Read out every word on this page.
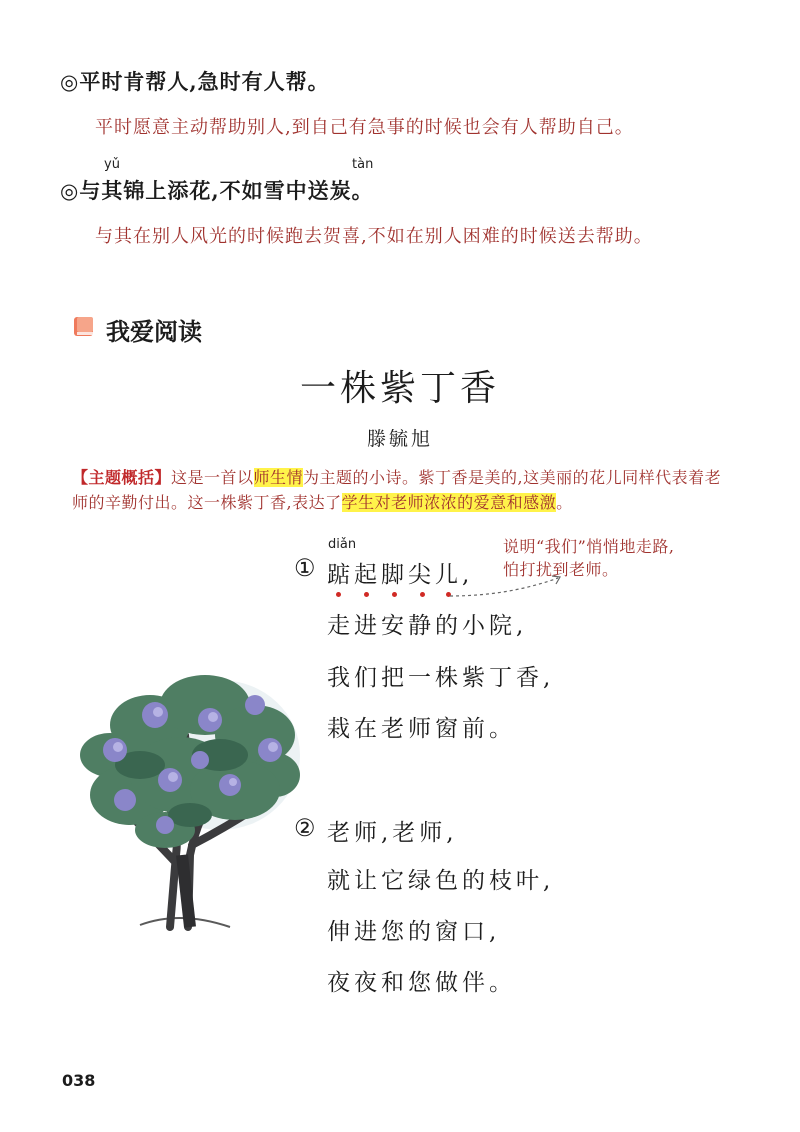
◎平时肯帮人,急时有人帮。
平时愿意主动帮助别人,到自己有急事的时候也会有人帮助自己。
yǔ	tàn
◎与其锦上添花,不如雪中送炭。
与其在别人风光的时候跑去贺喜,不如在别人困难的时候送去帮助。
我爱阅读
一株紫丁香
滕毓旭
【主题概括】这是一首以师生情为主题的小诗。紫丁香是美的,这美丽的花儿同样代表着老师的辛勤付出。这一株紫丁香,表达了学生对老师浓浓的爱意和感激。
diǎn
① 踮起脚尖儿,
走进安静的小院,
我们把一株紫丁香,
栽在老师窗前。
说明“我们”悄悄地走路,
怕打扰到老师。
② 老师,老师,
就让它绿色的枝叶,
伸进您的窗口,
夜夜和您做伴。
038
